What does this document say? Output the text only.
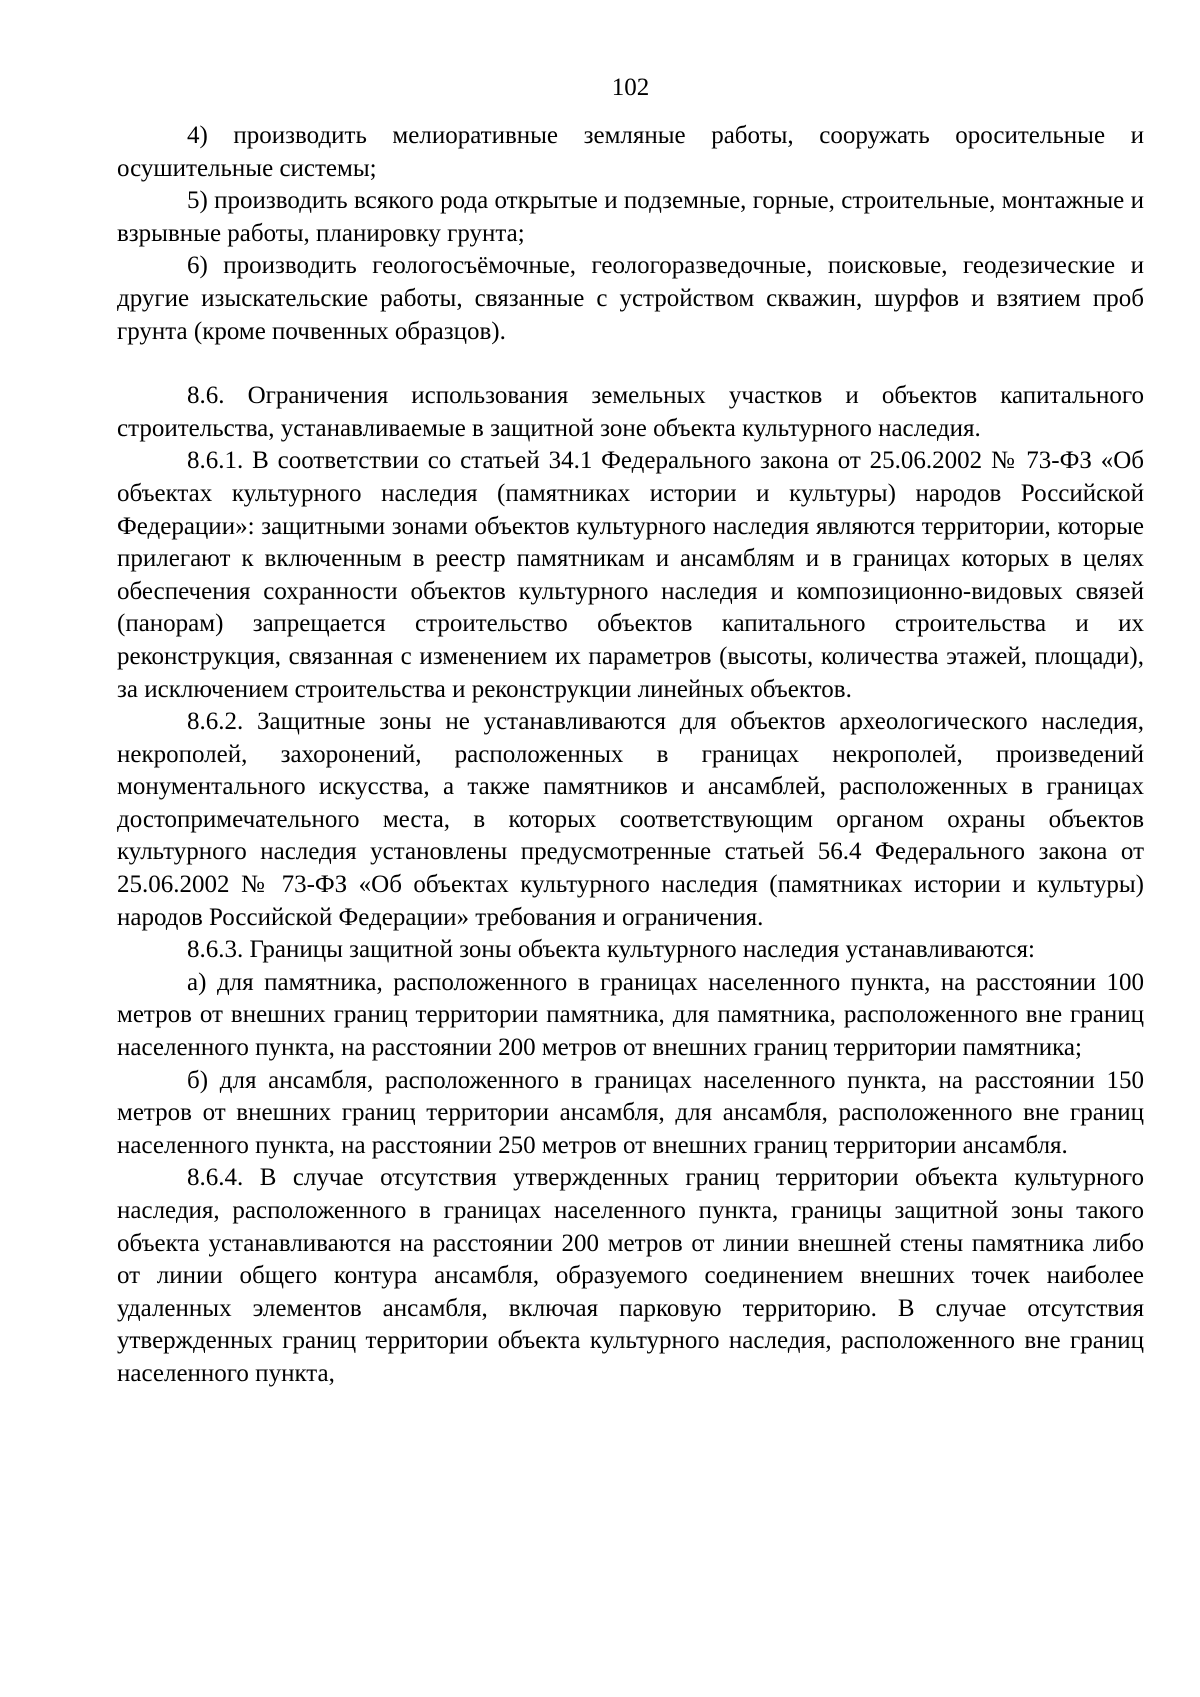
102

4) производить мелиоративные земляные работы, сооружать оросительные и осушительные системы;

5) производить всякого рода открытые и подземные, горные, строительные, монтажные и взрывные работы, планировку грунта;

6) производить геологосъёмочные, геологоразведочные, поисковые, геодезические и другие изыскательские работы, связанные с устройством скважин, шурфов и взятием проб грунта (кроме почвенных образцов).

8.6. Ограничения использования земельных участков и объектов капитального строительства, устанавливаемые в защитной зоне объекта культурного наследия.

8.6.1. В соответствии со статьей 34.1 Федерального закона от 25.06.2002 № 73-ФЗ «Об объектах культурного наследия (памятниках истории и культуры) народов Российской Федерации»: защитными зонами объектов культурного наследия являются территории, которые прилегают к включенным в реестр памятникам и ансамблям и в границах которых в целях обеспечения сохранности объектов культурного наследия и композиционно-видовых связей (панорам) запрещается строительство объектов капитального строительства и их реконструкция, связанная с изменением их параметров (высоты, количества этажей, площади), за исключением строительства и реконструкции линейных объектов.

8.6.2. Защитные зоны не устанавливаются для объектов археологического наследия, некрополей, захоронений, расположенных в границах некрополей, произведений монументального искусства, а также памятников и ансамблей, расположенных в границах достопримечательного места, в которых соответствующим органом охраны объектов культурного наследия установлены предусмотренные статьей 56.4 Федерального закона от 25.06.2002 № 73-ФЗ «Об объектах культурного наследия (памятниках истории и культуры) народов Российской Федерации» требования и ограничения.

8.6.3. Границы защитной зоны объекта культурного наследия устанавливаются:

а) для памятника, расположенного в границах населенного пункта, на расстоянии 100 метров от внешних границ территории памятника, для памятника, расположенного вне границ населенного пункта, на расстоянии 200 метров от внешних границ территории памятника;

б) для ансамбля, расположенного в границах населенного пункта, на расстоянии 150 метров от внешних границ территории ансамбля, для ансамбля, расположенного вне границ населенного пункта, на расстоянии 250 метров от внешних границ территории ансамбля.

8.6.4. В случае отсутствия утвержденных границ территории объекта культурного наследия, расположенного в границах населенного пункта, границы защитной зоны такого объекта устанавливаются на расстоянии 200 метров от линии внешней стены памятника либо от линии общего контура ансамбля, образуемого соединением внешних точек наиболее удаленных элементов ансамбля, включая парковую территорию. В случае отсутствия утвержденных границ территории объекта культурного наследия, расположенного вне границ населенного пункта,
